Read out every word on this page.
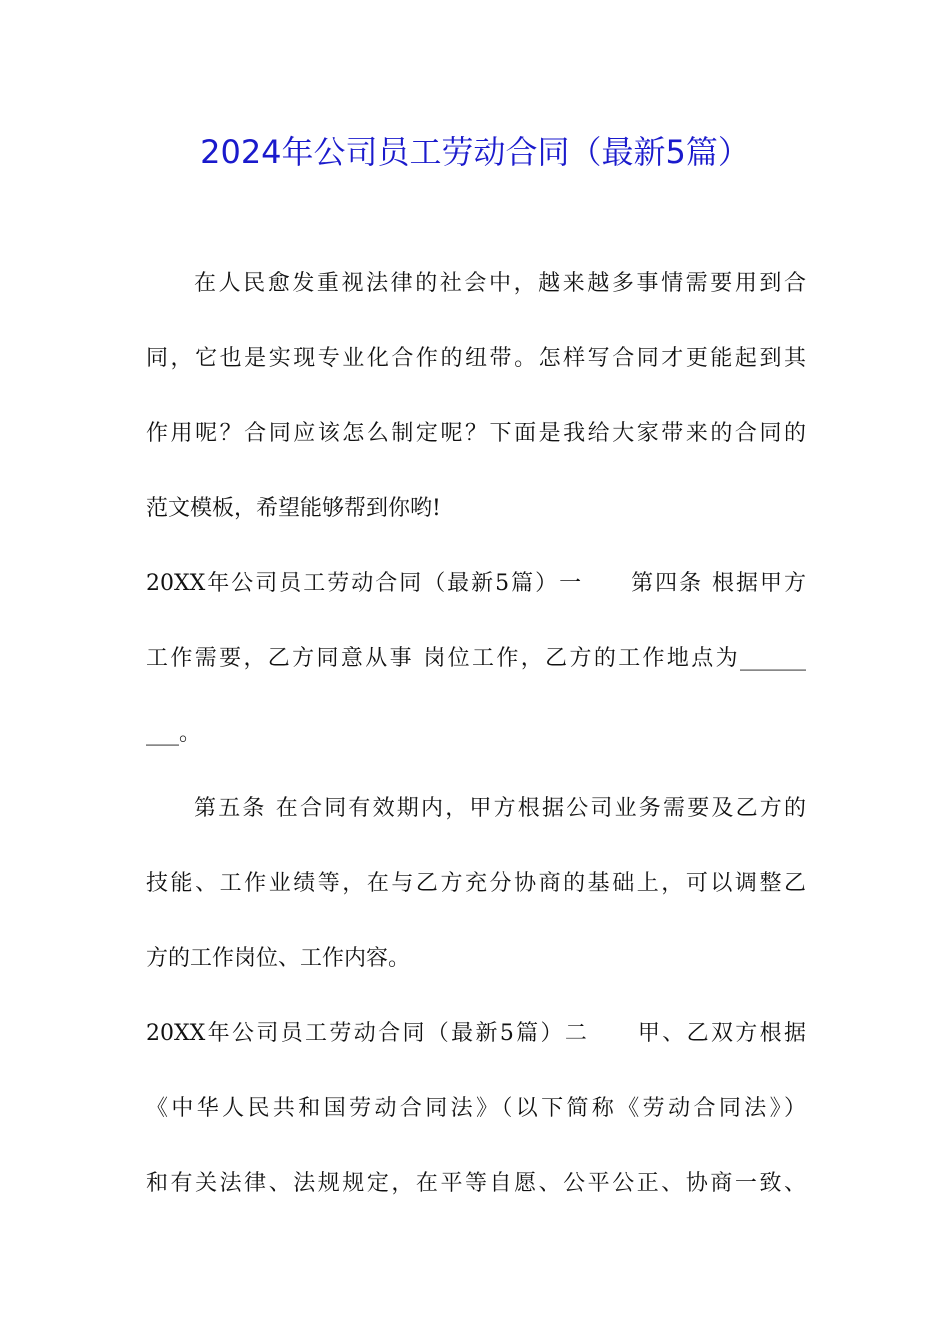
2024年公司员工劳动合同（最新5篇）
在人民愈发重视法律的社会中，越来越多事情需要用到合
同，它也是实现专业化合作的纽带。怎样写合同才更能起到其
作用呢？合同应该怎么制定呢？下面是我给大家带来的合同的
范文模板，希望能够帮到你哟!
20XX年公司员工劳动合同（最新5篇）一　　第四条 根据甲方
工作需要，乙方同意从事 岗位工作，乙方的工作地点为______
___。
第五条 在合同有效期内，甲方根据公司业务需要及乙方的
技能、工作业绩等，在与乙方充分协商的基础上，可以调整乙
方的工作岗位、工作内容。
20XX年公司员工劳动合同（最新5篇）二　　甲、乙双方根据
《中华人民共和国劳动合同法》（以下简称《劳动合同法》）
和有关法律、法规规定，在平等自愿、公平公正、协商一致、
